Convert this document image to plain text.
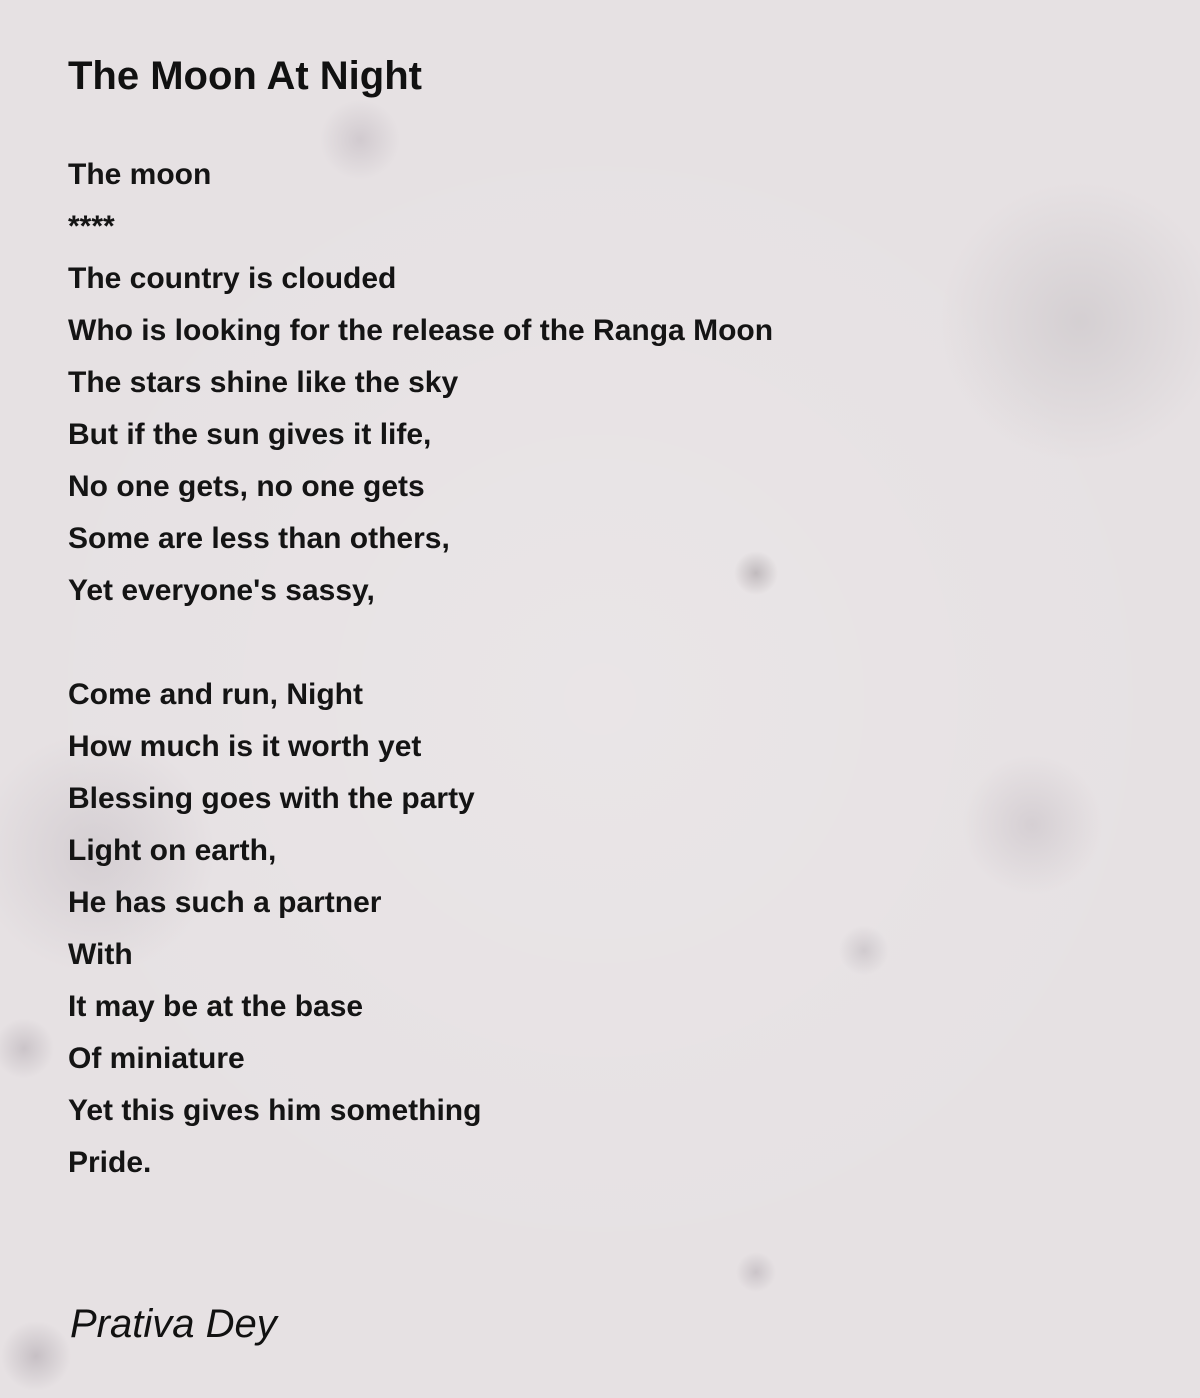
The Moon At Night
The moon
****
The country is clouded
Who is looking for the release of the Ranga Moon
The stars shine like the sky
But if the sun gives it life,
No one gets, no one gets
Some are less than others,
Yet everyone's sassy,
Come and run, Night
How much is it worth yet
Blessing goes with the party
Light on earth,
He has such a partner
With
It may be at the base
Of miniature
Yet this gives him something
Pride.
Prativa Dey
